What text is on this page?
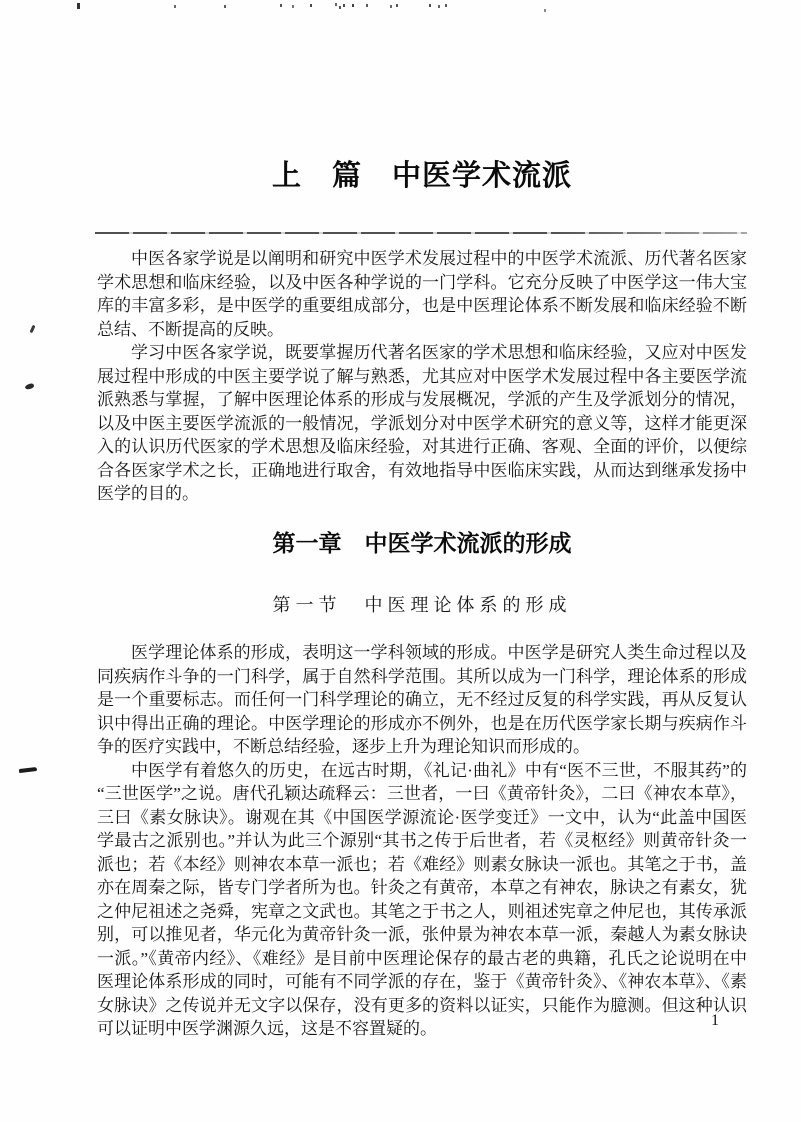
上　篇　中医学术流派

中医各家学说是以阐明和研究中医学术发展过程中的中医学术流派、历代著名医家学术思想和临床经验，以及中医各种学说的一门学科。它充分反映了中医学这一伟大宝库的丰富多彩，是中医学的重要组成部分，也是中医理论体系不断发展和临床经验不断总结、不断提高的反映。

学习中医各家学说，既要掌握历代著名医家的学术思想和临床经验，又应对中医发展过程中形成的中医主要学说了解与熟悉，尤其应对中医学术发展过程中各主要医学流派熟悉与掌握，了解中医理论体系的形成与发展概况，学派的产生及学派划分的情况，以及中医主要医学流派的一般情况，学派划分对中医学术研究的意义等，这样才能更深入的认识历代医家的学术思想及临床经验，对其进行正确、客观、全面的评价，以便综合各医家学术之长，正确地进行取舍，有效地指导中医临床实践，从而达到继承发扬中医学的目的。

第一章　中医学术流派的形成
第一节　中医理论体系的形成

医学理论体系的形成，表明这一学科领域的形成。中医学是研究人类生命过程以及同疾病作斗争的一门科学，属于自然科学范围。其所以成为一门科学，理论体系的形成是一个重要标志。而任何一门科学理论的确立，无不经过反复的科学实践，再从反复认识中得出正确的理论。中医学理论的形成亦不例外，也是在历代医学家长期与疾病作斗争的医疗实践中，不断总结经验，逐步上升为理论知识而形成的。

中医学有着悠久的历史，在远古时期，《礼记·曲礼》中有“医不三世，不服其药”的“三世医学”之说。唐代孔颖达疏释云：三世者，一曰《黄帝针灸》，二曰《神农本草》，三曰《素女脉诀》。谢观在其《中国医学源流论·医学变迁》一文中，认为“此盖中国医学最古之派别也。”并认为此三个源别“其书之传于后世者，若《灵枢经》则黄帝针灸一派也；若《本经》则神农本草一派也；若《难经》则素女脉诀一派也。其笔之于书，盖亦在周秦之际，皆专门学者所为也。针灸之有黄帝，本草之有神农，脉诀之有素女，犹之仲尼祖述之尧舜，宪章之文武也。其笔之于书之人，则祖述宪章之仲尼也，其传承派别，可以推见者，华元化为黄帝针灸一派，张仲景为神农本草一派，秦越人为素女脉诀一派。”《黄帝内经》、《难经》是目前中医理论保存的最古老的典籍，孔氏之论说明在中医理论体系形成的同时，可能有不同学派的存在，鉴于《黄帝针灸》、《神农本草》、《素女脉诀》之传说并无文字以保存，没有更多的资料以证实，只能作为臆测。但这种认识可以证明中医学渊源久远，这是不容置疑的。	1
